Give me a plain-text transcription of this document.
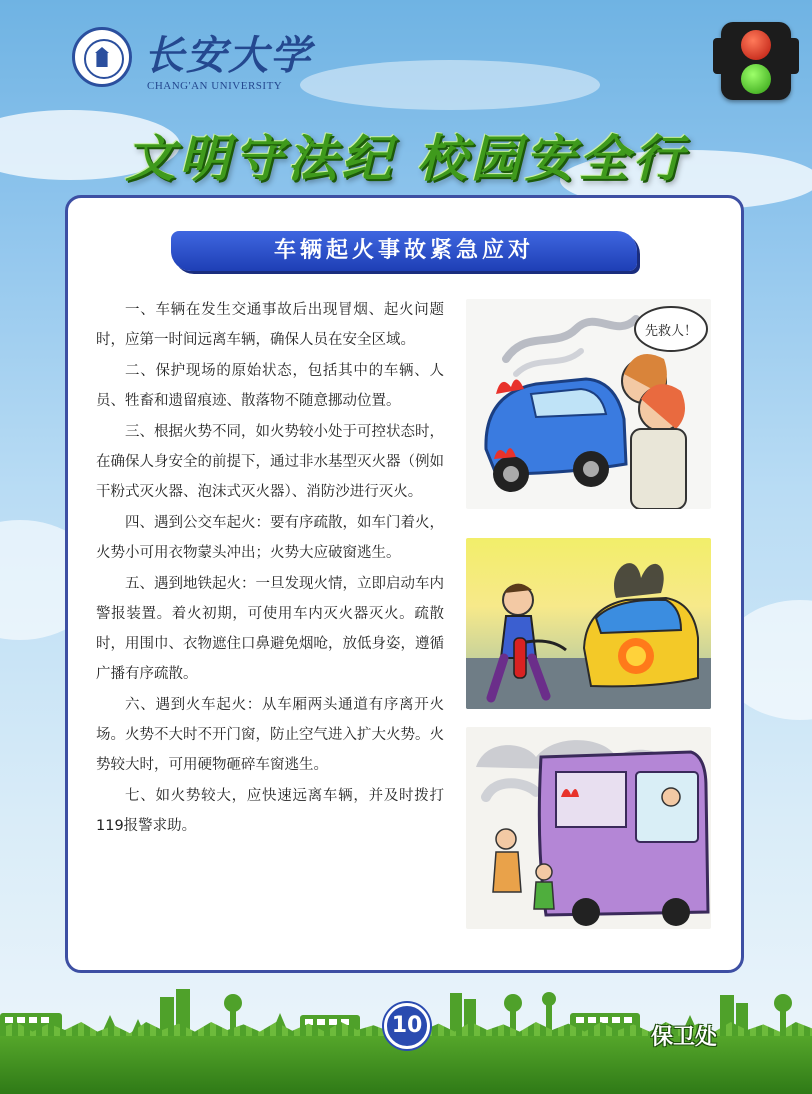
长安大学
CHANG'AN UNIVERSITY
文明守法纪 校园安全行
车辆起火事故紧急应对

一、车辆在发生交通事故后出现冒烟、起火问题时，应第一时间远离车辆，确保人员在安全区域。

二、保护现场的原始状态，包括其中的车辆、人员、牲畜和遗留痕迹、散落物不随意挪动位置。

三、根据火势不同，如火势较小处于可控状态时，在确保人身安全的前提下，通过非水基型灭火器（例如干粉式灭火器、泡沫式灭火器）、消防沙进行灭火。

四、遇到公交车起火：要有序疏散，如车门着火，火势小可用衣物蒙头冲出；火势大应破窗逃生。

五、遇到地铁起火：一旦发现火情，立即启动车内警报装置。着火初期，可使用车内灭火器灭火。疏散时，用围巾、衣物遮住口鼻避免烟呛，放低身姿，遵循广播有序疏散。

六、遇到火车起火：从车厢两头通道有序离开火场。火势不大时不开门窗，防止空气进入扩大火势。火势较大时，可用硬物砸碎车窗逃生。

七、如火势较大，应快速远离车辆，并及时拨打119报警求助。

先救人！
10	保卫处
